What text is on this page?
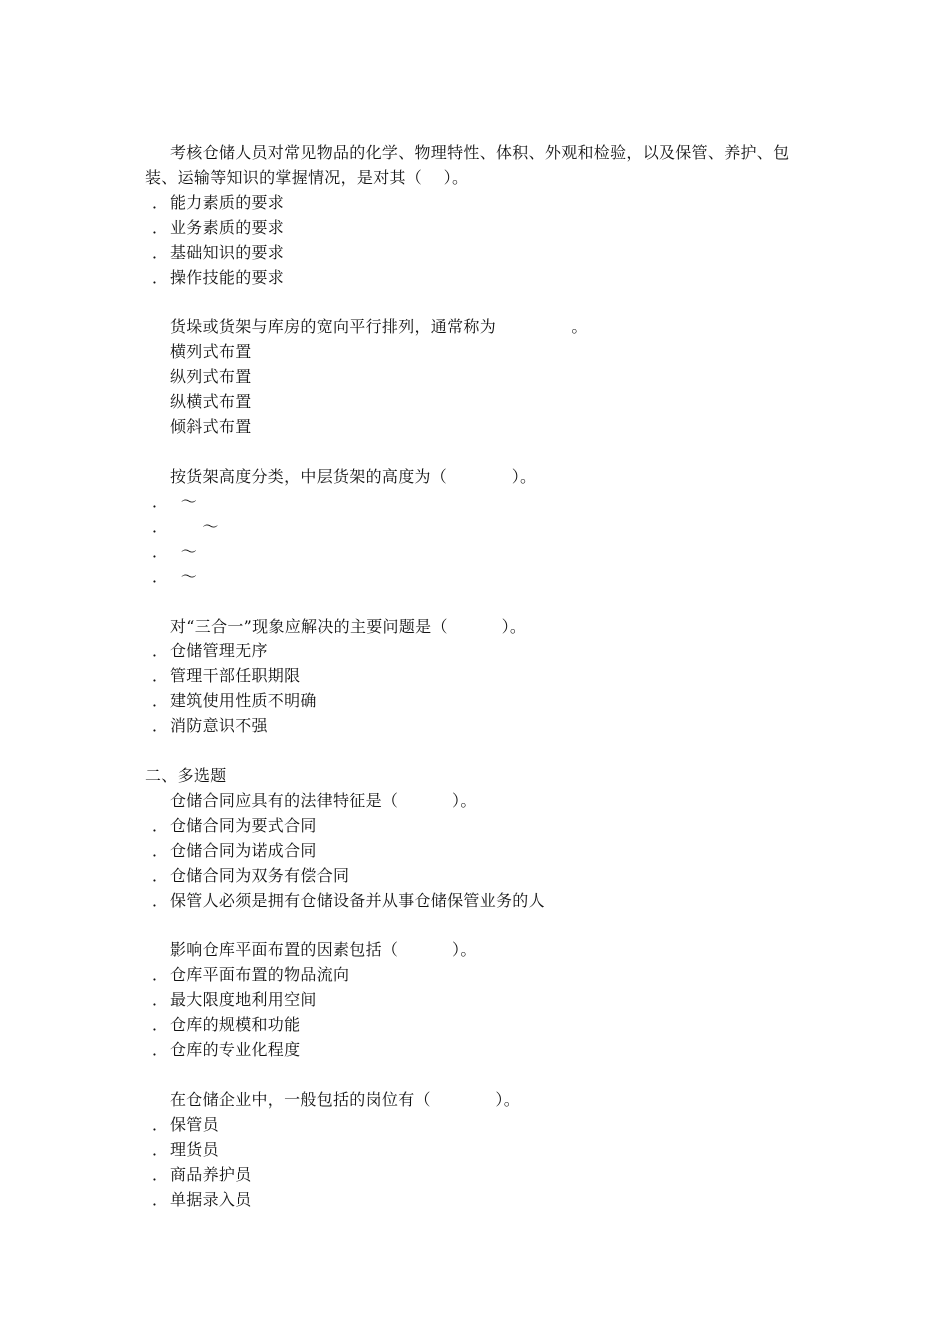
考核仓储人员对常见物品的化学、物理特性、体积、外观和检验，以及保管、养护、包
装、运输等知识的掌握情况，是对其（    ）。
． 能力素质的要求
． 业务素质的要求
． 基础知识的要求
． 操作技能的要求
货垛或货架与库房的宽向平行排列，通常称为              。
横列式布置
纵列式布置
纵横式布置
倾斜式布置
按货架高度分类，中层货架的高度为（            ）。
．  ～
．      ～
．  ～
．  ～
对“三合一”现象应解决的主要问题是（          ）。
． 仓储管理无序
． 管理干部任职期限
． 建筑使用性质不明确
． 消防意识不强
二、多选题
仓储合同应具有的法律特征是（          ）。
． 仓储合同为要式合同
． 仓储合同为诺成合同
． 仓储合同为双务有偿合同
． 保管人必须是拥有仓储设备并从事仓储保管业务的人
影响仓库平面布置的因素包括（          ）。
． 仓库平面布置的物品流向
． 最大限度地利用空间
． 仓库的规模和功能
． 仓库的专业化程度
在仓储企业中，一般包括的岗位有（            ）。
． 保管员
． 理货员
． 商品养护员
． 单据录入员
